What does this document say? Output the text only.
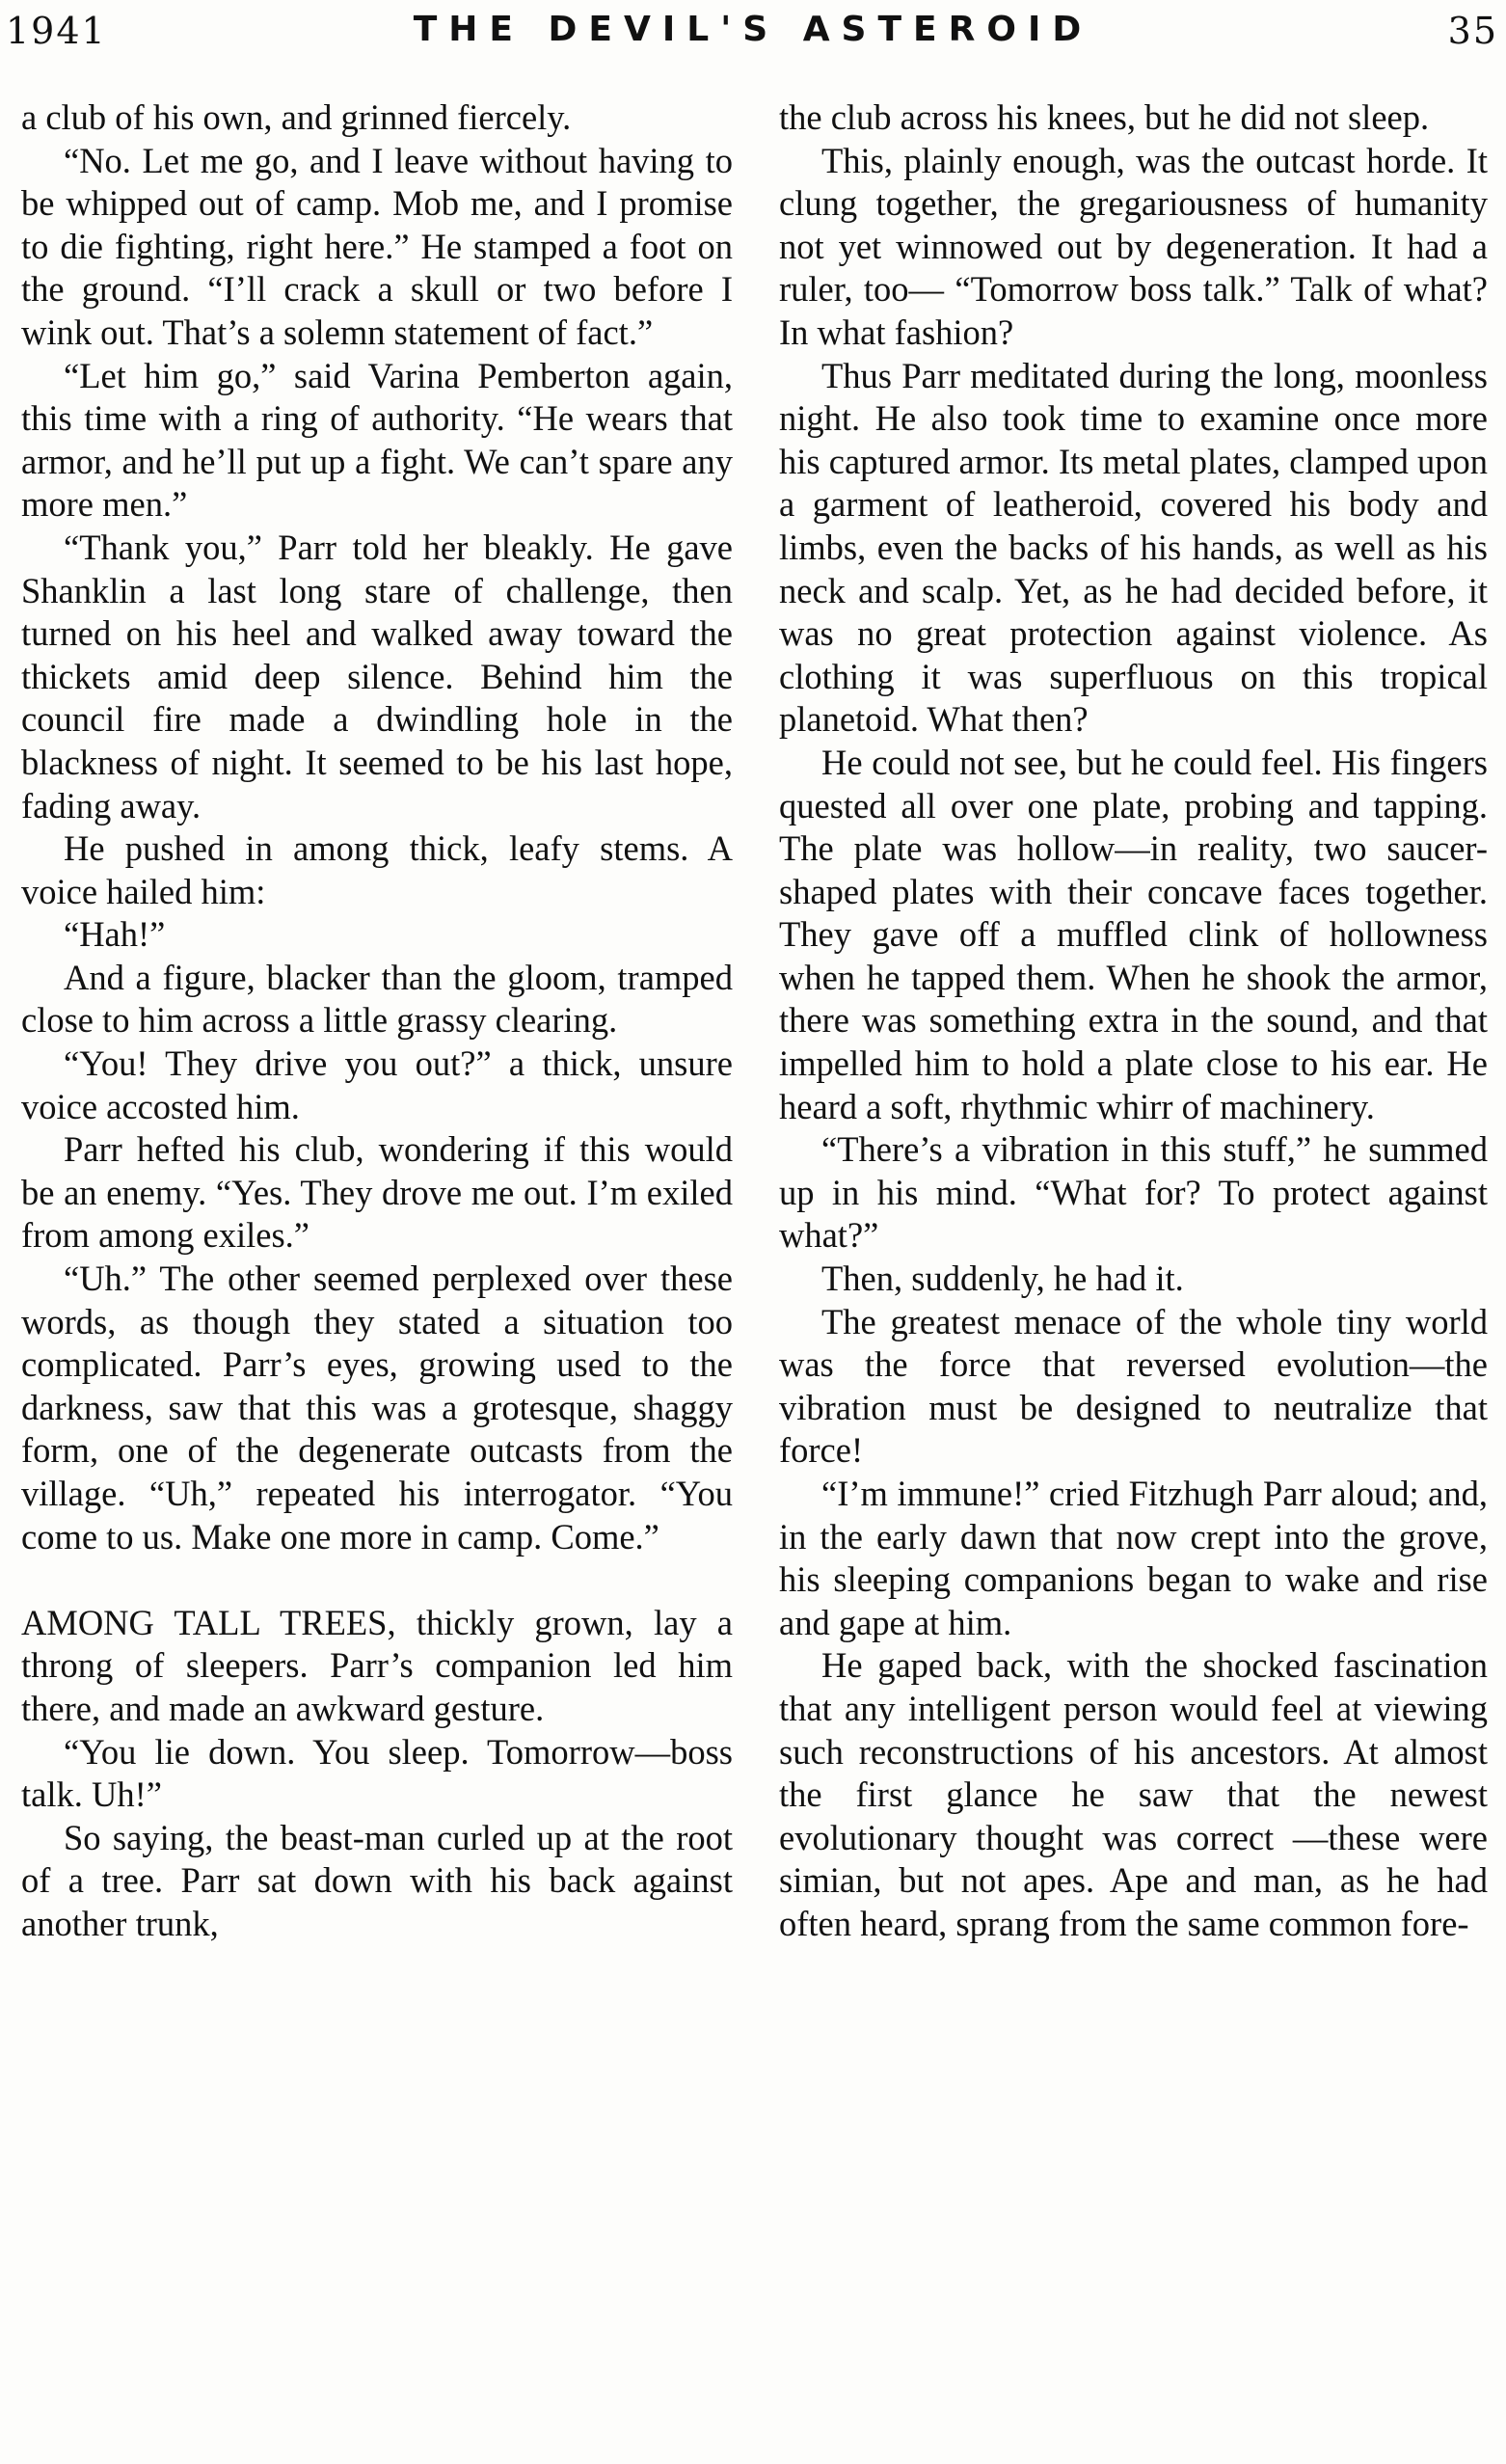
1941	THE DEVIL'S ASTEROID	35

a club of his own, and grinned fiercely.

“No. Let me go, and I leave without having to be whipped out of camp. Mob me, and I promise to die fighting, right here.” He stamped a foot on the ground. “I’ll crack a skull or two before I wink out. That’s a solemn statement of fact.”

“Let him go,” said Varina Pemberton again, this time with a ring of authority. “He wears that armor, and he’ll put up a fight. We can’t spare any more men.”

“Thank you,” Parr told her bleakly. He gave Shanklin a last long stare of challenge, then turned on his heel and walked away toward the thickets amid deep silence. Behind him the council fire made a dwindling hole in the blackness of night. It seemed to be his last hope, fading away.

He pushed in among thick, leafy stems. A voice hailed him:

“Hah!”

And a figure, blacker than the gloom, tramped close to him across a little grassy clearing.

“You! They drive you out?” a thick, unsure voice accosted him.

Parr hefted his club, wondering if this would be an enemy. “Yes. They drove me out. I’m exiled from among exiles.”

“Uh.” The other seemed perplexed over these words, as though they stated a situation too complicated. Parr’s eyes, growing used to the darkness, saw that this was a grotesque, shaggy form, one of the degenerate outcasts from the village. “Uh,” repeated his interrogator. “You come to us. Make one more in camp. Come.”

AMONG TALL TREES, thickly grown, lay a throng of sleepers. Parr’s companion led him there, and made an awkward gesture.

“You lie down. You sleep. Tomorrow—boss talk. Uh!”

So saying, the beast-man curled up at the root of a tree. Parr sat down with his back against another trunk,

the club across his knees, but he did not sleep.

This, plainly enough, was the outcast horde. It clung together, the gregariousness of humanity not yet winnowed out by degeneration. It had a ruler, too— “Tomorrow boss talk.” Talk of what? In what fashion?

Thus Parr meditated during the long, moonless night. He also took time to examine once more his captured armor. Its metal plates, clamped upon a garment of leatheroid, covered his body and limbs, even the backs of his hands, as well as his neck and scalp. Yet, as he had decided before, it was no great protection against violence. As clothing it was superfluous on this tropical planetoid. What then?

He could not see, but he could feel. His fingers quested all over one plate, probing and tapping. The plate was hollow—in reality, two saucer-shaped plates with their concave faces together. They gave off a muffled clink of hollowness when he tapped them. When he shook the armor, there was something extra in the sound, and that impelled him to hold a plate close to his ear. He heard a soft, rhythmic whirr of machinery.

“There’s a vibration in this stuff,” he summed up in his mind. “What for? To protect against what?”

Then, suddenly, he had it.

The greatest menace of the whole tiny world was the force that reversed evolution—the vibration must be designed to neutralize that force!

“I’m immune!” cried Fitzhugh Parr aloud; and, in the early dawn that now crept into the grove, his sleeping companions began to wake and rise and gape at him.

He gaped back, with the shocked fascination that any intelligent person would feel at viewing such reconstructions of his ancestors. At almost the first glance he saw that the newest evolutionary thought was correct —these were simian, but not apes. Ape and man, as he had often heard, sprang from the same common fore-
